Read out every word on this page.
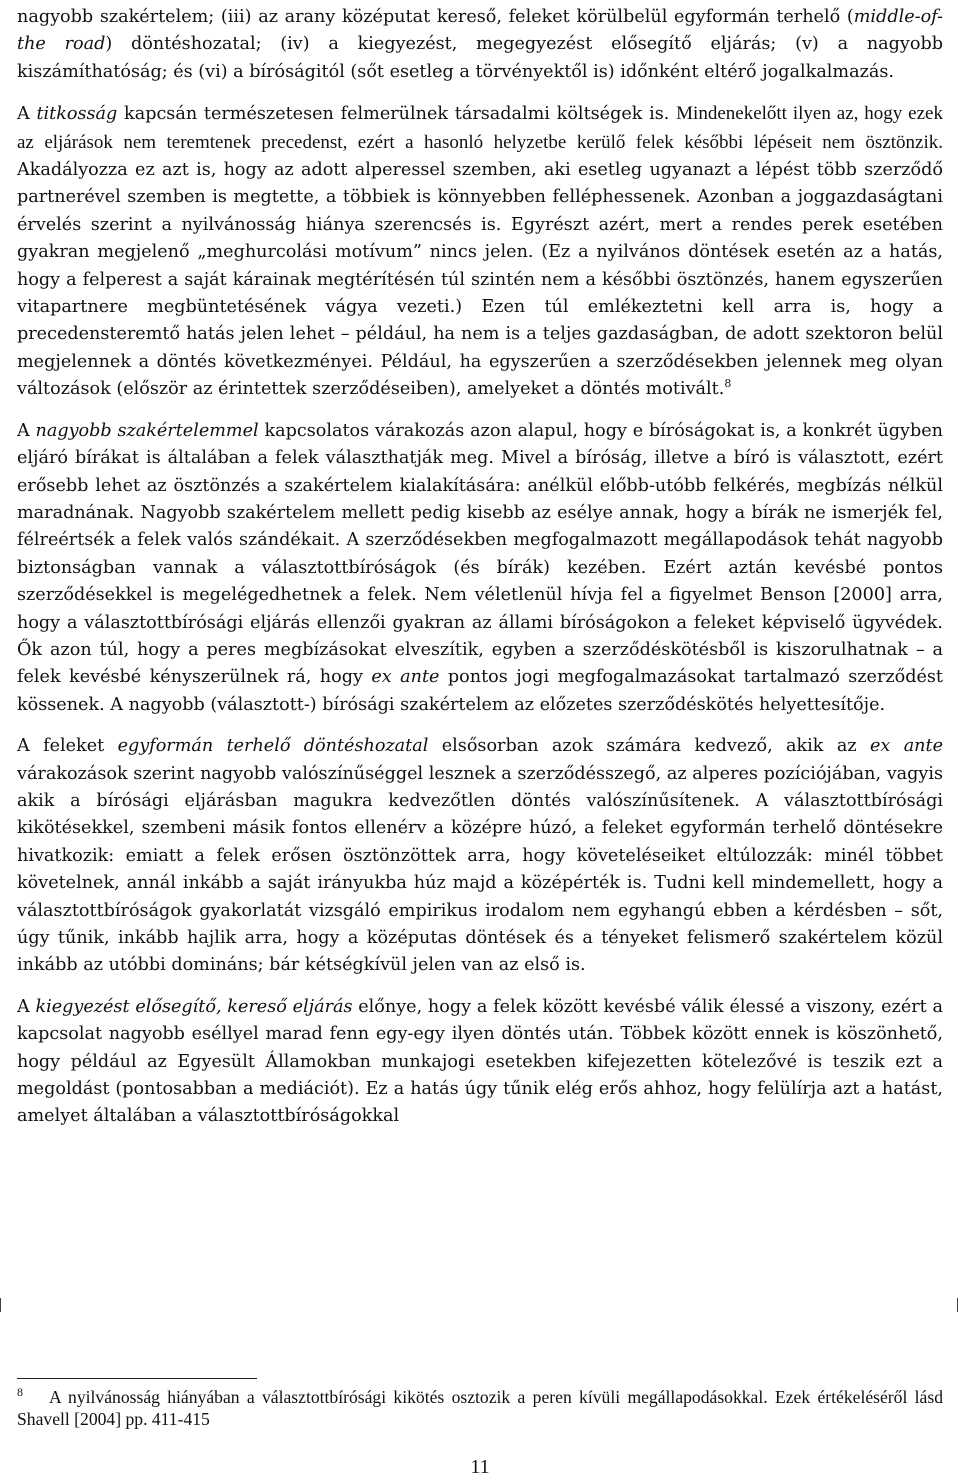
nagyobb szakértelem; (iii) az arany középutat kereső, feleket körülbelül egyformán terhelő (middle-of-the road) döntéshozatal; (iv) a kiegyezést, megegyezést elősegítő eljárás; (v) a nagyobb kiszámíthatóság; és (vi) a bíróságitól (sőt esetleg a törvényektől is) időnként eltérő jogalkalmazás.

A titkosság kapcsán természetesen felmerülnek társadalmi költségek is. Mindenekelőtt ilyen az, hogy ezek az eljárások nem teremtenek precedenst, ezért a hasonló helyzetbe kerülő felek későbbi lépéseit nem ösztönzik. Akadályozza ez azt is, hogy az adott alperessel szemben, aki esetleg ugyanazt a lépést több szerződő partnerével szemben is megtette, a többiek is könnyebben felléphessenek. Azonban a joggazdaságtani érvelés szerint a nyilvánosság hiánya szerencsés is. Egyrészt azért, mert a rendes perek esetében gyakran megjelenő „meghurcolási motívum” nincs jelen. (Ez a nyilvános döntések esetén az a hatás, hogy a felperest a saját kárainak megtérítésén túl szintén nem a későbbi ösztönzés, hanem egyszerűen vitapartnere megbüntetésének vágya vezeti.) Ezen túl emlékeztetni kell arra is, hogy a precedensteremtő hatás jelen lehet – például, ha nem is a teljes gazdaságban, de adott szektoron belül megjelennek a döntés következményei. Például, ha egyszerűen a szerződésekben jelennek meg olyan változások (először az érintettek szerződéseiben), amelyeket a döntés motivált.$^8$

A nagyobb szakértelemmel kapcsolatos várakozás azon alapul, hogy e bíróságokat is, a konkrét ügyben eljáró bírákat is általában a felek választhatják meg. Mivel a bíróság, illetve a bíró is választott, ezért erősebb lehet az ösztönzés a szakértelem kialakítására: anélkül előbb-utóbb felkérés, megbízás nélkül maradnának. Nagyobb szakértelem mellett pedig kisebb az esélye annak, hogy a bírák ne ismerjék fel, félreértsék a felek valós szándékait. A szerződésekben megfogalmazott megállapodások tehát nagyobb biztonságban vannak a választottbíróságok (és bírák) kezében. Ezért aztán kevésbé pontos szerződésekkel is megelégedhetnek a felek. Nem véletlenül hívja fel a figyelmet Benson [2000] arra, hogy a választottbírósági eljárás ellenzői gyakran az állami bíróságokon a feleket képviselő ügyvédek. Ők azon túl, hogy a peres megbízásokat elveszítik, egyben a szerződéskötésből is kiszorulhatnak – a felek kevésbé kényszerülnek rá, hogy ex ante pontos jogi megfogalmazásokat tartalmazó szerződést kössenek. A nagyobb (választott-) bírósági szakértelem az előzetes szerződéskötés helyettesítője.

A feleket egyformán terhelő döntéshozatal elsősorban azok számára kedvező, akik az ex ante várakozások szerint nagyobb valószínűséggel lesznek a szerződésszegő, az alperes pozíciójában, vagyis akik a bírósági eljárásban magukra kedvezőtlen döntés valószínűsítenek. A választottbírósági kikötésekkel, szembeni másik fontos ellenérv a középre húzó, a feleket egyformán terhelő döntésekre hivatkozik: emiatt a felek erősen ösztönzöttek arra, hogy követeléseiket eltúlozzák: minél többet követelnek, annál inkább a saját irányukba húz majd a középérték is. Tudni kell mindemellett, hogy a választottbíróságok gyakorlatát vizsgáló empirikus irodalom nem egyhangú ebben a kérdésben – sőt, úgy tűnik, inkább hajlik arra, hogy a középutas döntések és a tényeket felismerő szakértelem közül inkább az utóbbi domináns; bár kétségkívül jelen van az első is.

A kiegyezést elősegítő, kereső eljárás előnye, hogy a felek között kevésbé válik élessé a viszony, ezért a kapcsolat nagyobb eséllyel marad fenn egy-egy ilyen döntés után. Többek között ennek is köszönhető, hogy például az Egyesült Államokban munkajogi esetekben kifejezetten kötelezővé is teszik ezt a megoldást (pontosabban a mediációt). Ez a hatás úgy tűnik elég erős ahhoz, hogy felülírja azt a hatást, amelyet általában a választottbíróságokkal

$^8$ A nyilvánosság hiányában a választottbírósági kikötés osztozik a peren kívüli megállapodásokkal. Ezek értékeléséről lásd Shavell [2004] pp. 411-415

11
